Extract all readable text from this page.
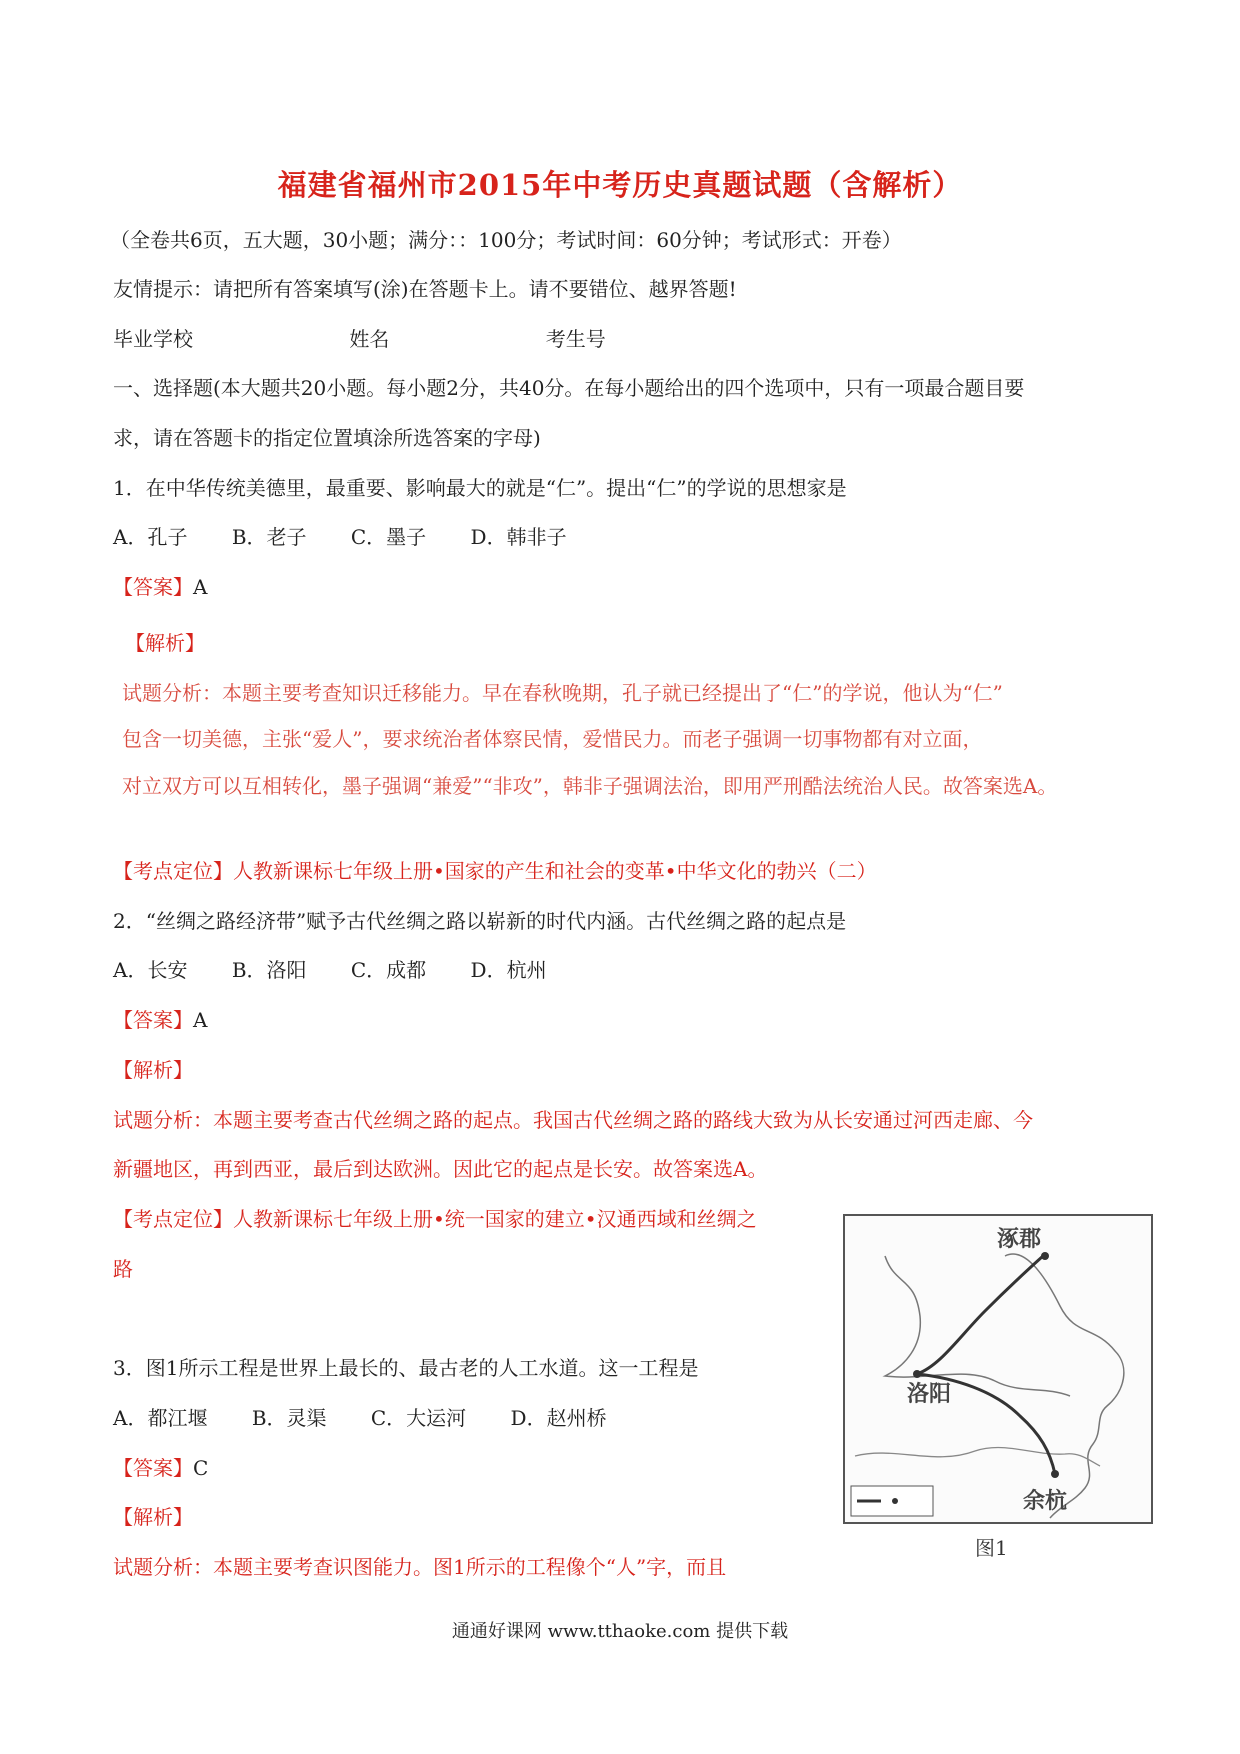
福建省福州市2015年中考历史真题试题（含解析）
（全卷共6页，五大题，30小题；满分：：100分；考试时间：60分钟；考试形式：开卷）
友情提示：请把所有答案填写(涂)在答题卡上。请不要错位、越界答题!
毕业学校	姓名	考生号
一、选择题(本大题共20小题。每小题2分，共40分。在每小题给出的四个选项中，只有一项最合题目要
求，请在答题卡的指定位置填涂所选答案的字母)
1．在中华传统美德里，最重要、影响最大的就是“仁”。提出“仁”的学说的思想家是
A．孔子 B．老子 C．墨子 D．韩非子
【答案】A
【解析】
试题分析：本题主要考查知识迁移能力。早在春秋晚期，孔子就已经提出了“仁”的学说，他认为“仁”
包含一切美德，主张“爱人”，要求统治者体察民情，爱惜民力。而老子强调一切事物都有对立面，
对立双方可以互相转化，墨子强调“兼爱”“非攻”，韩非子强调法治，即用严刑酷法统治人民。故答案选A。
【考点定位】人教新课标七年级上册•国家的产生和社会的变革•中华文化的勃兴（二）
2．“丝绸之路经济带”赋予古代丝绸之路以崭新的时代内涵。古代丝绸之路的起点是
A．长安 B．洛阳 C．成都 D．杭州
【答案】A
【解析】
试题分析：本题主要考查古代丝绸之路的起点。我国古代丝绸之路的路线大致为从长安通过河西走廊、今
新疆地区，再到西亚，最后到达欧洲。因此它的起点是长安。故答案选A。
【考点定位】人教新课标七年级上册•统一国家的建立•汉通西域和丝绸之
路
3．图1所示工程是世界上最长的、最古老的人工水道。这一工程是
A．都江堰 B．灵渠 C．大运河 D．赵州桥
【答案】C
【解析】
试题分析：本题主要考查识图能力。图1所示的工程像个“人”字，而且
涿郡
洛阳
余杭
图1
通通好课网 www.tthaoke.com 提供下载
